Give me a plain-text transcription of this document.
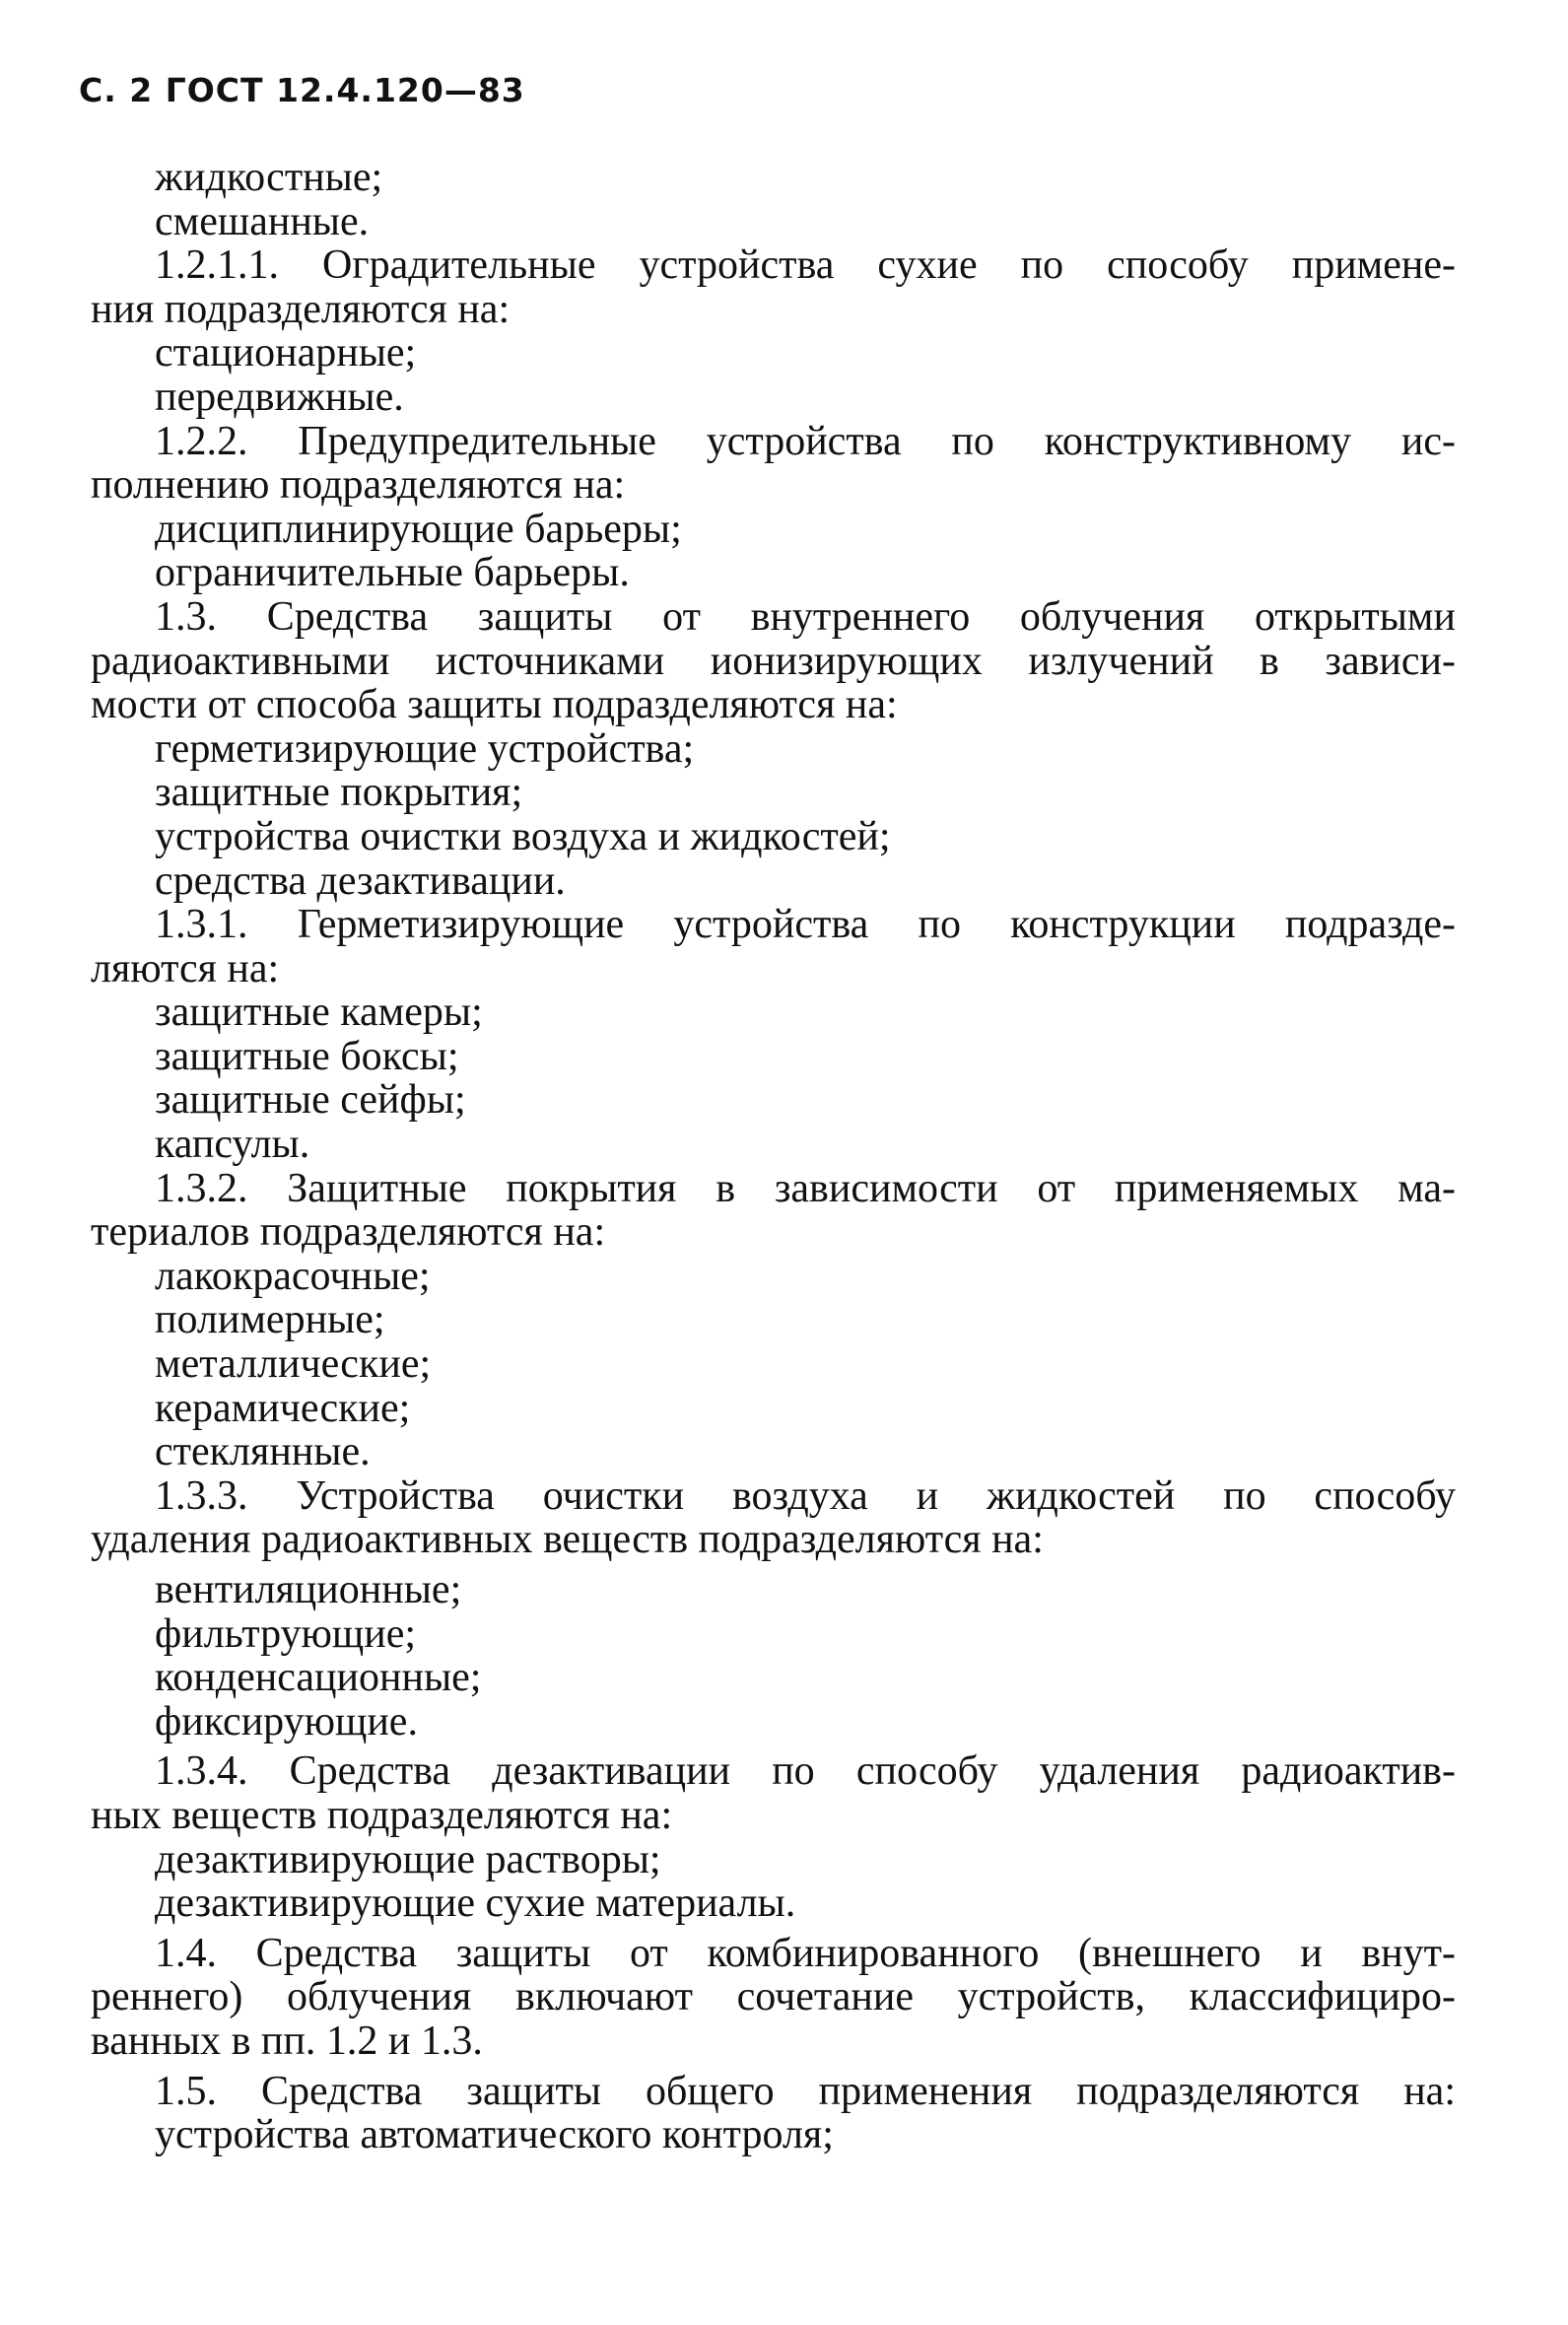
С. 2 ГОСТ 12.4.120—83
жидкостные;
смешанные.
1.2.1.1. Оградительные устройства сухие по способу примене-
ния подразделяются на:
стационарные;
передвижные.
1.2.2. Предупредительные устройства по конструктивному ис-
полнению подразделяются на:
дисциплинирующие барьеры;
ограничительные барьеры.
1.3. Средства защиты от внутреннего облучения открытыми
радиоактивными источниками ионизирующих излучений в зависи-
мости от способа защиты подразделяются на:
герметизирующие устройства;
защитные покрытия;
устройства очистки воздуха и жидкостей;
средства дезактивации.
1.3.1. Герметизирующие устройства по конструкции подразде-
ляются на:
защитные камеры;
защитные боксы;
защитные сейфы;
капсулы.
1.3.2. Защитные покрытия в зависимости от применяемых ма-
териалов подразделяются на:
лакокрасочные;
полимерные;
металлические;
керамические;
стеклянные.
1.3.3. Устройства очистки воздуха и жидкостей по способу
удаления радиоактивных веществ подразделяются на:
вентиляционные;
фильтрующие;
конденсационные;
фиксирующие.
1.3.4. Средства дезактивации по способу удаления радиоактив-
ных веществ подразделяются на:
дезактивирующие растворы;
дезактивирующие сухие материалы.
1.4. Средства защиты от комбинированного (внешнего и внут-
реннего) облучения включают сочетание устройств, классифициро-
ванных в пп. 1.2 и 1.3.
1.5. Средства защиты общего применения подразделяются на:
устройства автоматического контроля;
